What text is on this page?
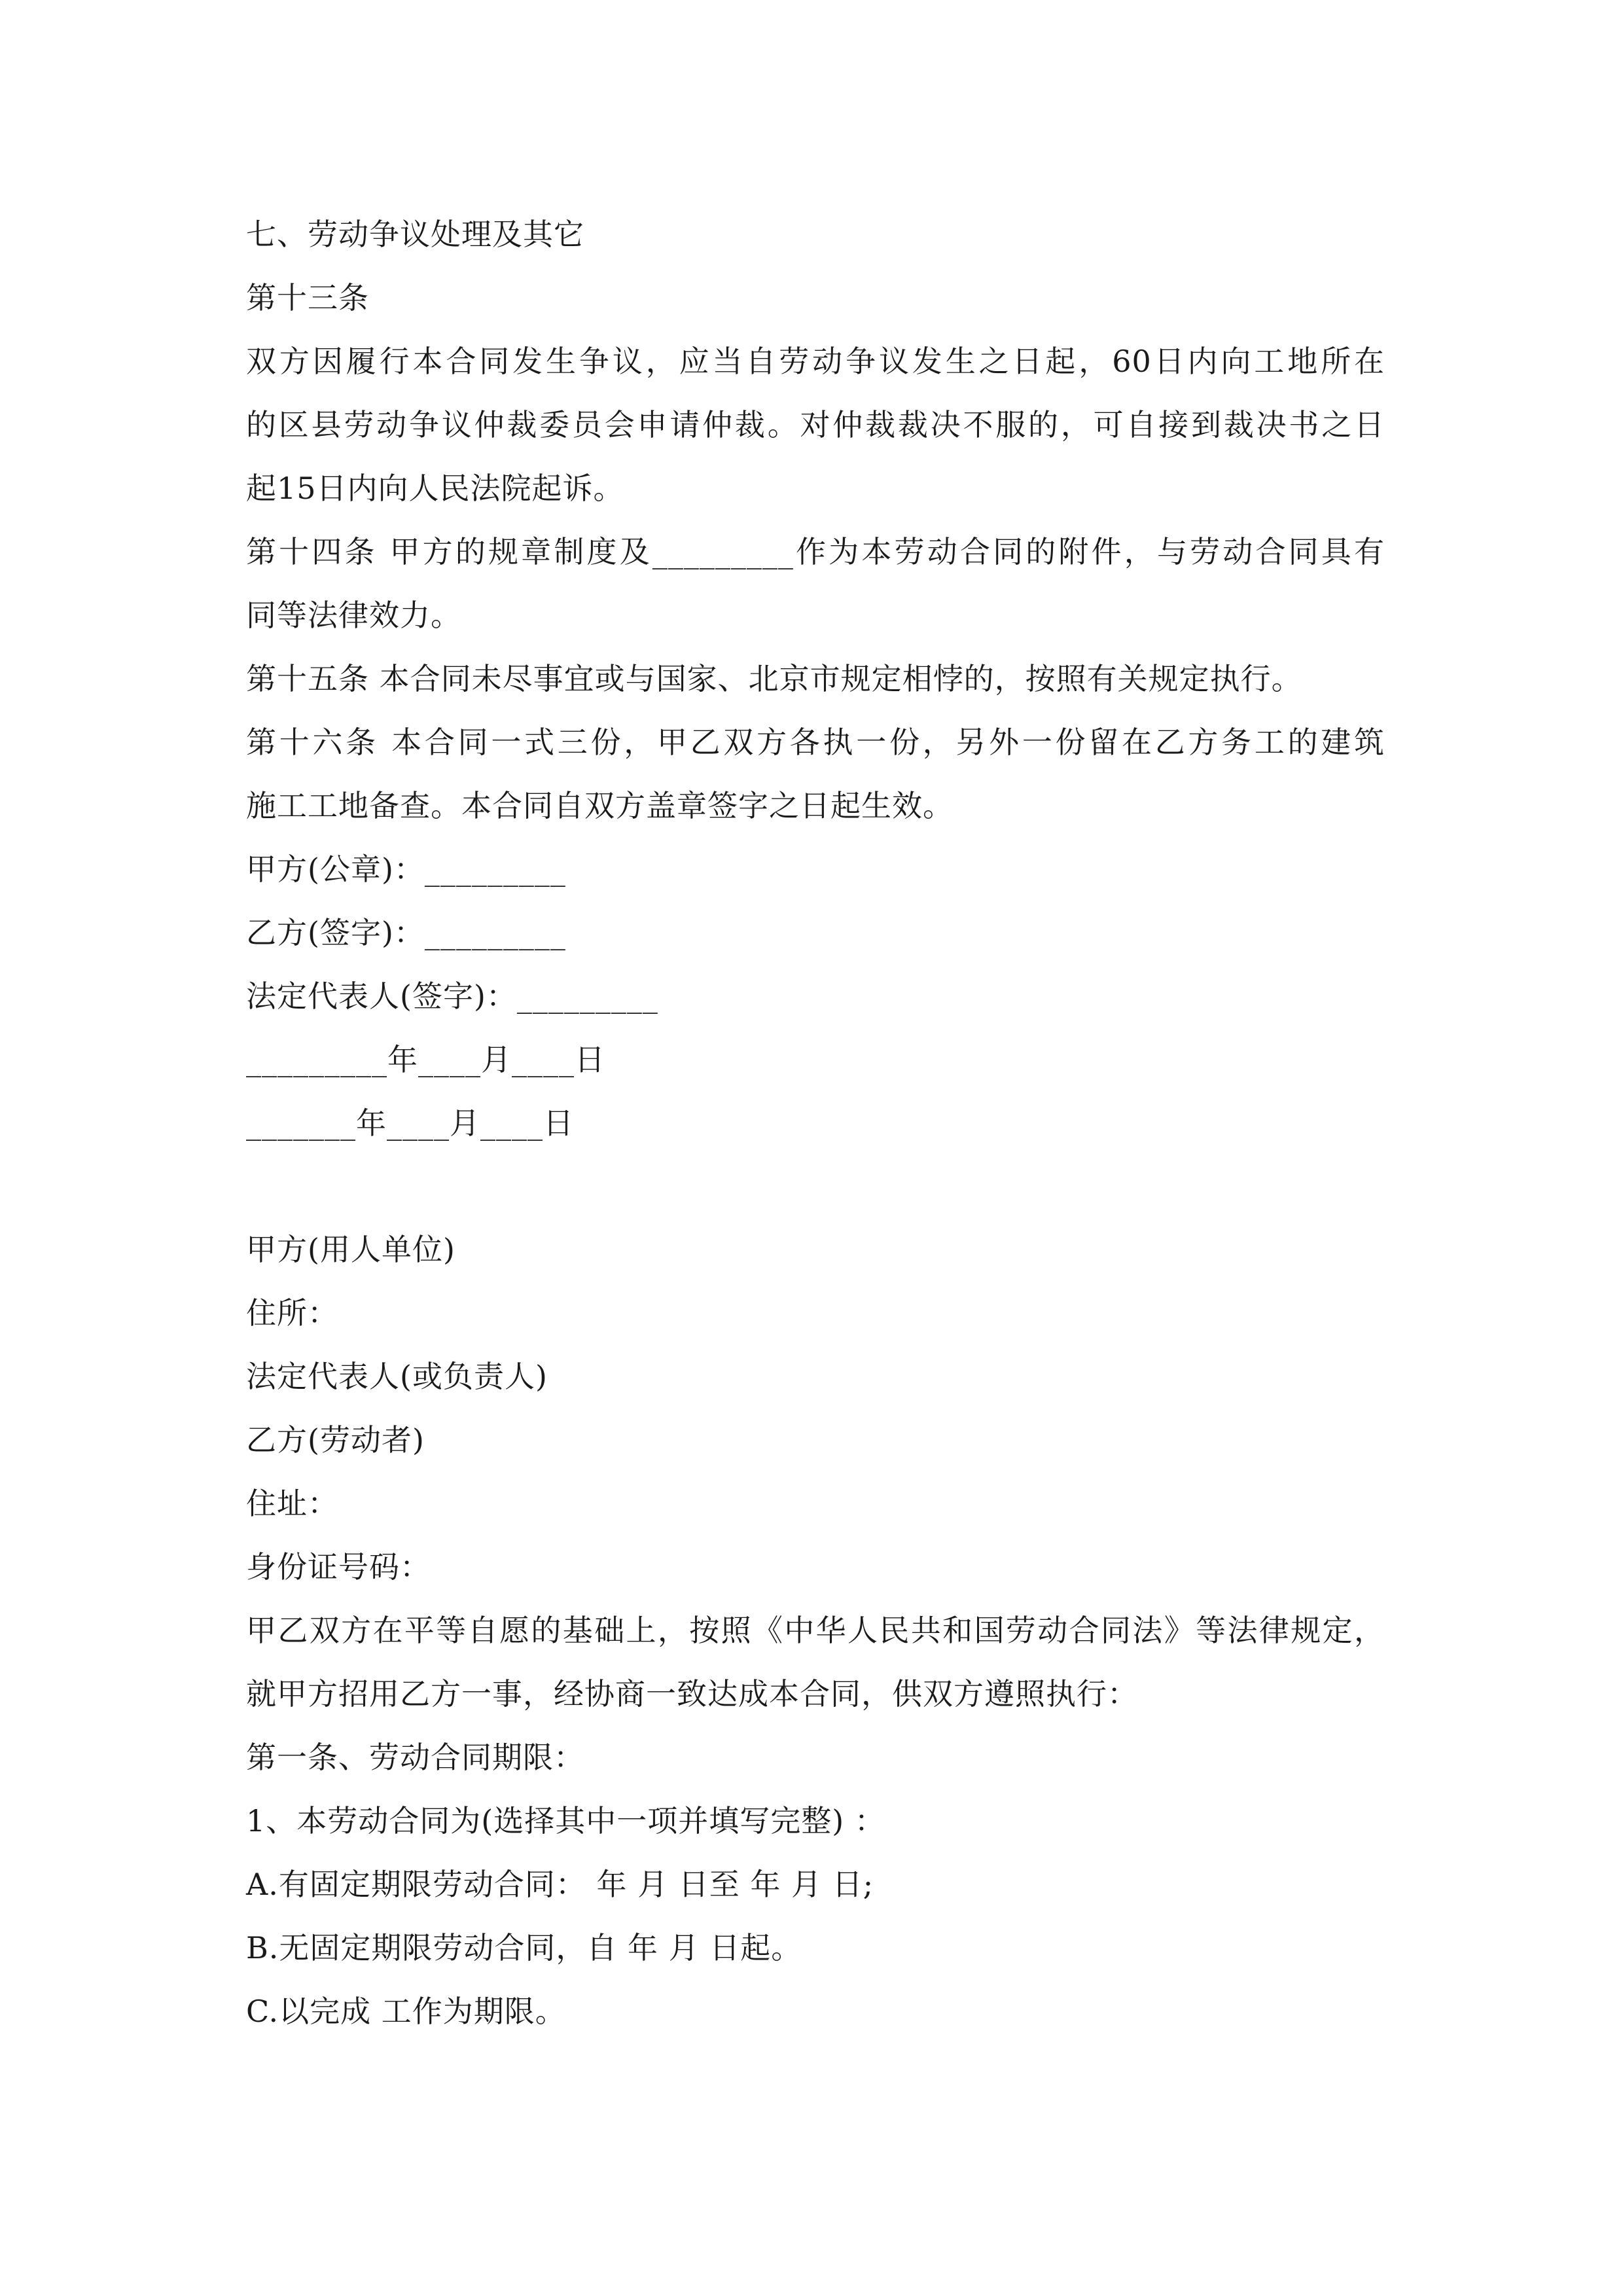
七、劳动争议处理及其它
第十三条
双方因履行本合同发生争议，应当自劳动争议发生之日起，60日内向工地所在
的区县劳动争议仲裁委员会申请仲裁。对仲裁裁决不服的，可自接到裁决书之日
起15日内向人民法院起诉。
第十四条 甲方的规章制度及_________作为本劳动合同的附件，与劳动合同具有
同等法律效力。
第十五条 本合同未尽事宜或与国家、北京市规定相悖的，按照有关规定执行。
第十六条 本合同一式三份，甲乙双方各执一份，另外一份留在乙方务工的建筑
施工工地备查。本合同自双方盖章签字之日起生效。
甲方(公章)：_________
乙方(签字)：_________
法定代表人(签字)：_________
_________年____月____日
_______年____月____日
甲方(用人单位)
住所：
法定代表人(或负责人)
乙方(劳动者)
住址：
身份证号码：
甲乙双方在平等自愿的基础上，按照《中华人民共和国劳动合同法》等法律规定，
就甲方招用乙方一事，经协商一致达成本合同，供双方遵照执行：
第一条、劳动合同期限：
1、本劳动合同为(选择其中一项并填写完整) ：
A.有固定期限劳动合同： 年 月 日至 年 月 日;
B.无固定期限劳动合同，自 年 月 日起。
C.以完成 工作为期限。
